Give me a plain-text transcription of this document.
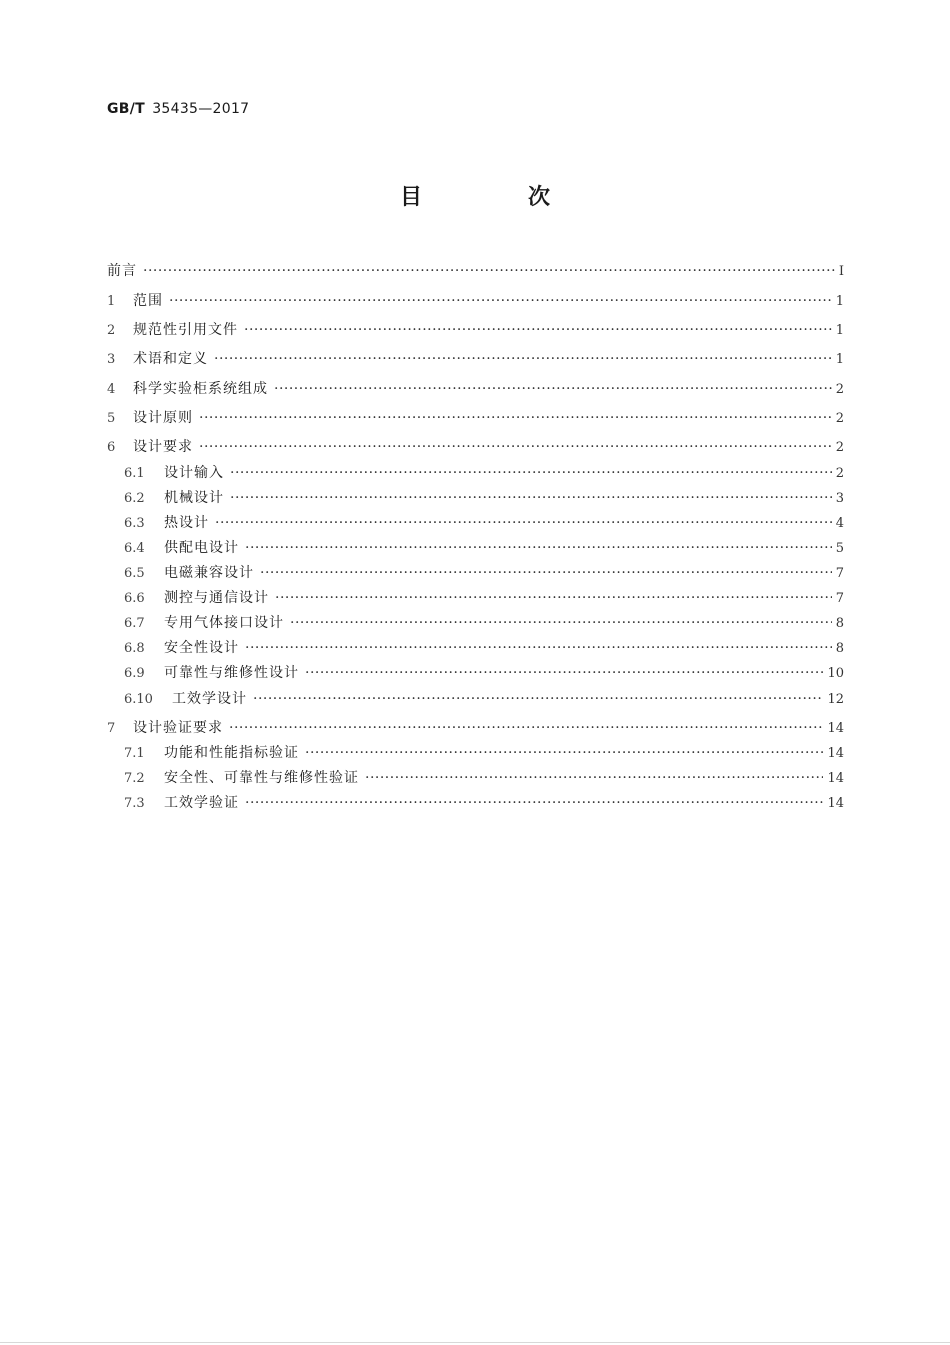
GB/T 35435—2017
目　次
前言 ·····	Ⅰ
1	范围 ·····	1
2	规范性引用文件 ·····	1
3	术语和定义 ·····	1
4	科学实验柜系统组成 ·····	2
5	设计原则 ·····	2
6	设计要求 ·····	2
6.1	设计输入 ·····	2
6.2	机械设计 ·····	3
6.3	热设计 ·····	4
6.4	供配电设计 ·····	5
6.5	电磁兼容设计 ·····	7
6.6	测控与通信设计 ·····	7
6.7	专用气体接口设计 ·····	8
6.8	安全性设计 ·····	8
6.9	可靠性与维修性设计 ·····	10
6.10	工效学设计 ·····	12
7	设计验证要求 ·····	14
7.1	功能和性能指标验证 ·····	14
7.2	安全性、可靠性与维修性验证 ·····	14
7.3	工效学验证 ·····	14
